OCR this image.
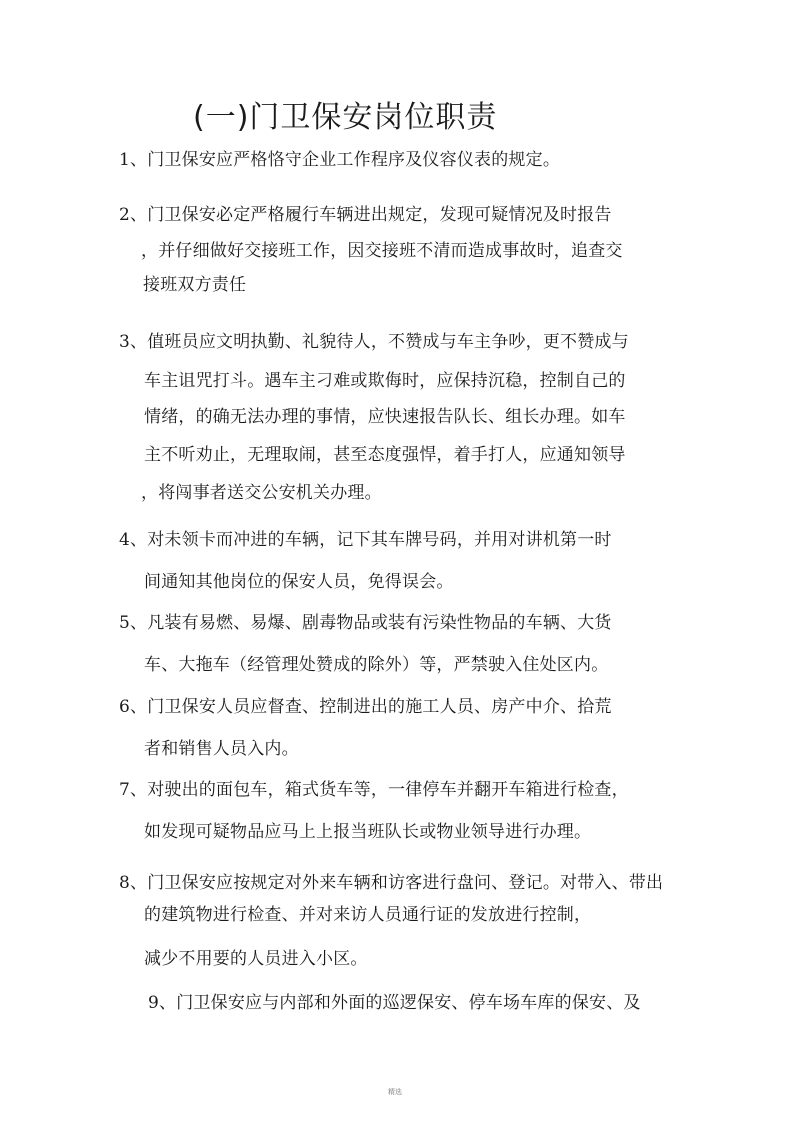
(一)门卫保安岗位职责
1、门卫保安应严格恪守企业工作程序及仪容仪表的规定。
2、门卫保安必定严格履行车辆进出规定，发现可疑情况及时报告
，并仔细做好交接班工作，因交接班不清而造成事故时，追查交
接班双方责任
3、值班员应文明执勤、礼貌待人，不赞成与车主争吵，更不赞成与
车主诅咒打斗。遇车主刁难或欺侮时，应保持沉稳，控制自己的
情绪，的确无法办理的事情，应快速报告队长、组长办理。如车
主不听劝止，无理取闹，甚至态度强悍，着手打人，应通知领导
，将闯事者送交公安机关办理。
4、对未领卡而冲进的车辆，记下其车牌号码，并用对讲机第一时
间通知其他岗位的保安人员，免得误会。
5、凡装有易燃、易爆、剧毒物品或装有污染性物品的车辆、大货
车、大拖车（经管理处赞成的除外）等，严禁驶入住处区内。
6、门卫保安人员应督查、控制进出的施工人员、房产中介、拾荒
者和销售人员入内。
7、对驶出的面包车，箱式货车等，一律停车并翻开车箱进行检查，
如发现可疑物品应马上上报当班队长或物业领导进行办理。
8、门卫保安应按规定对外来车辆和访客进行盘问、登记。对带入、带出
的建筑物进行检查、并对来访人员通行证的发放进行控制，
减少不用要的人员进入小区。
9、门卫保安应与内部和外面的巡逻保安、停车场车库的保安、及
精选
